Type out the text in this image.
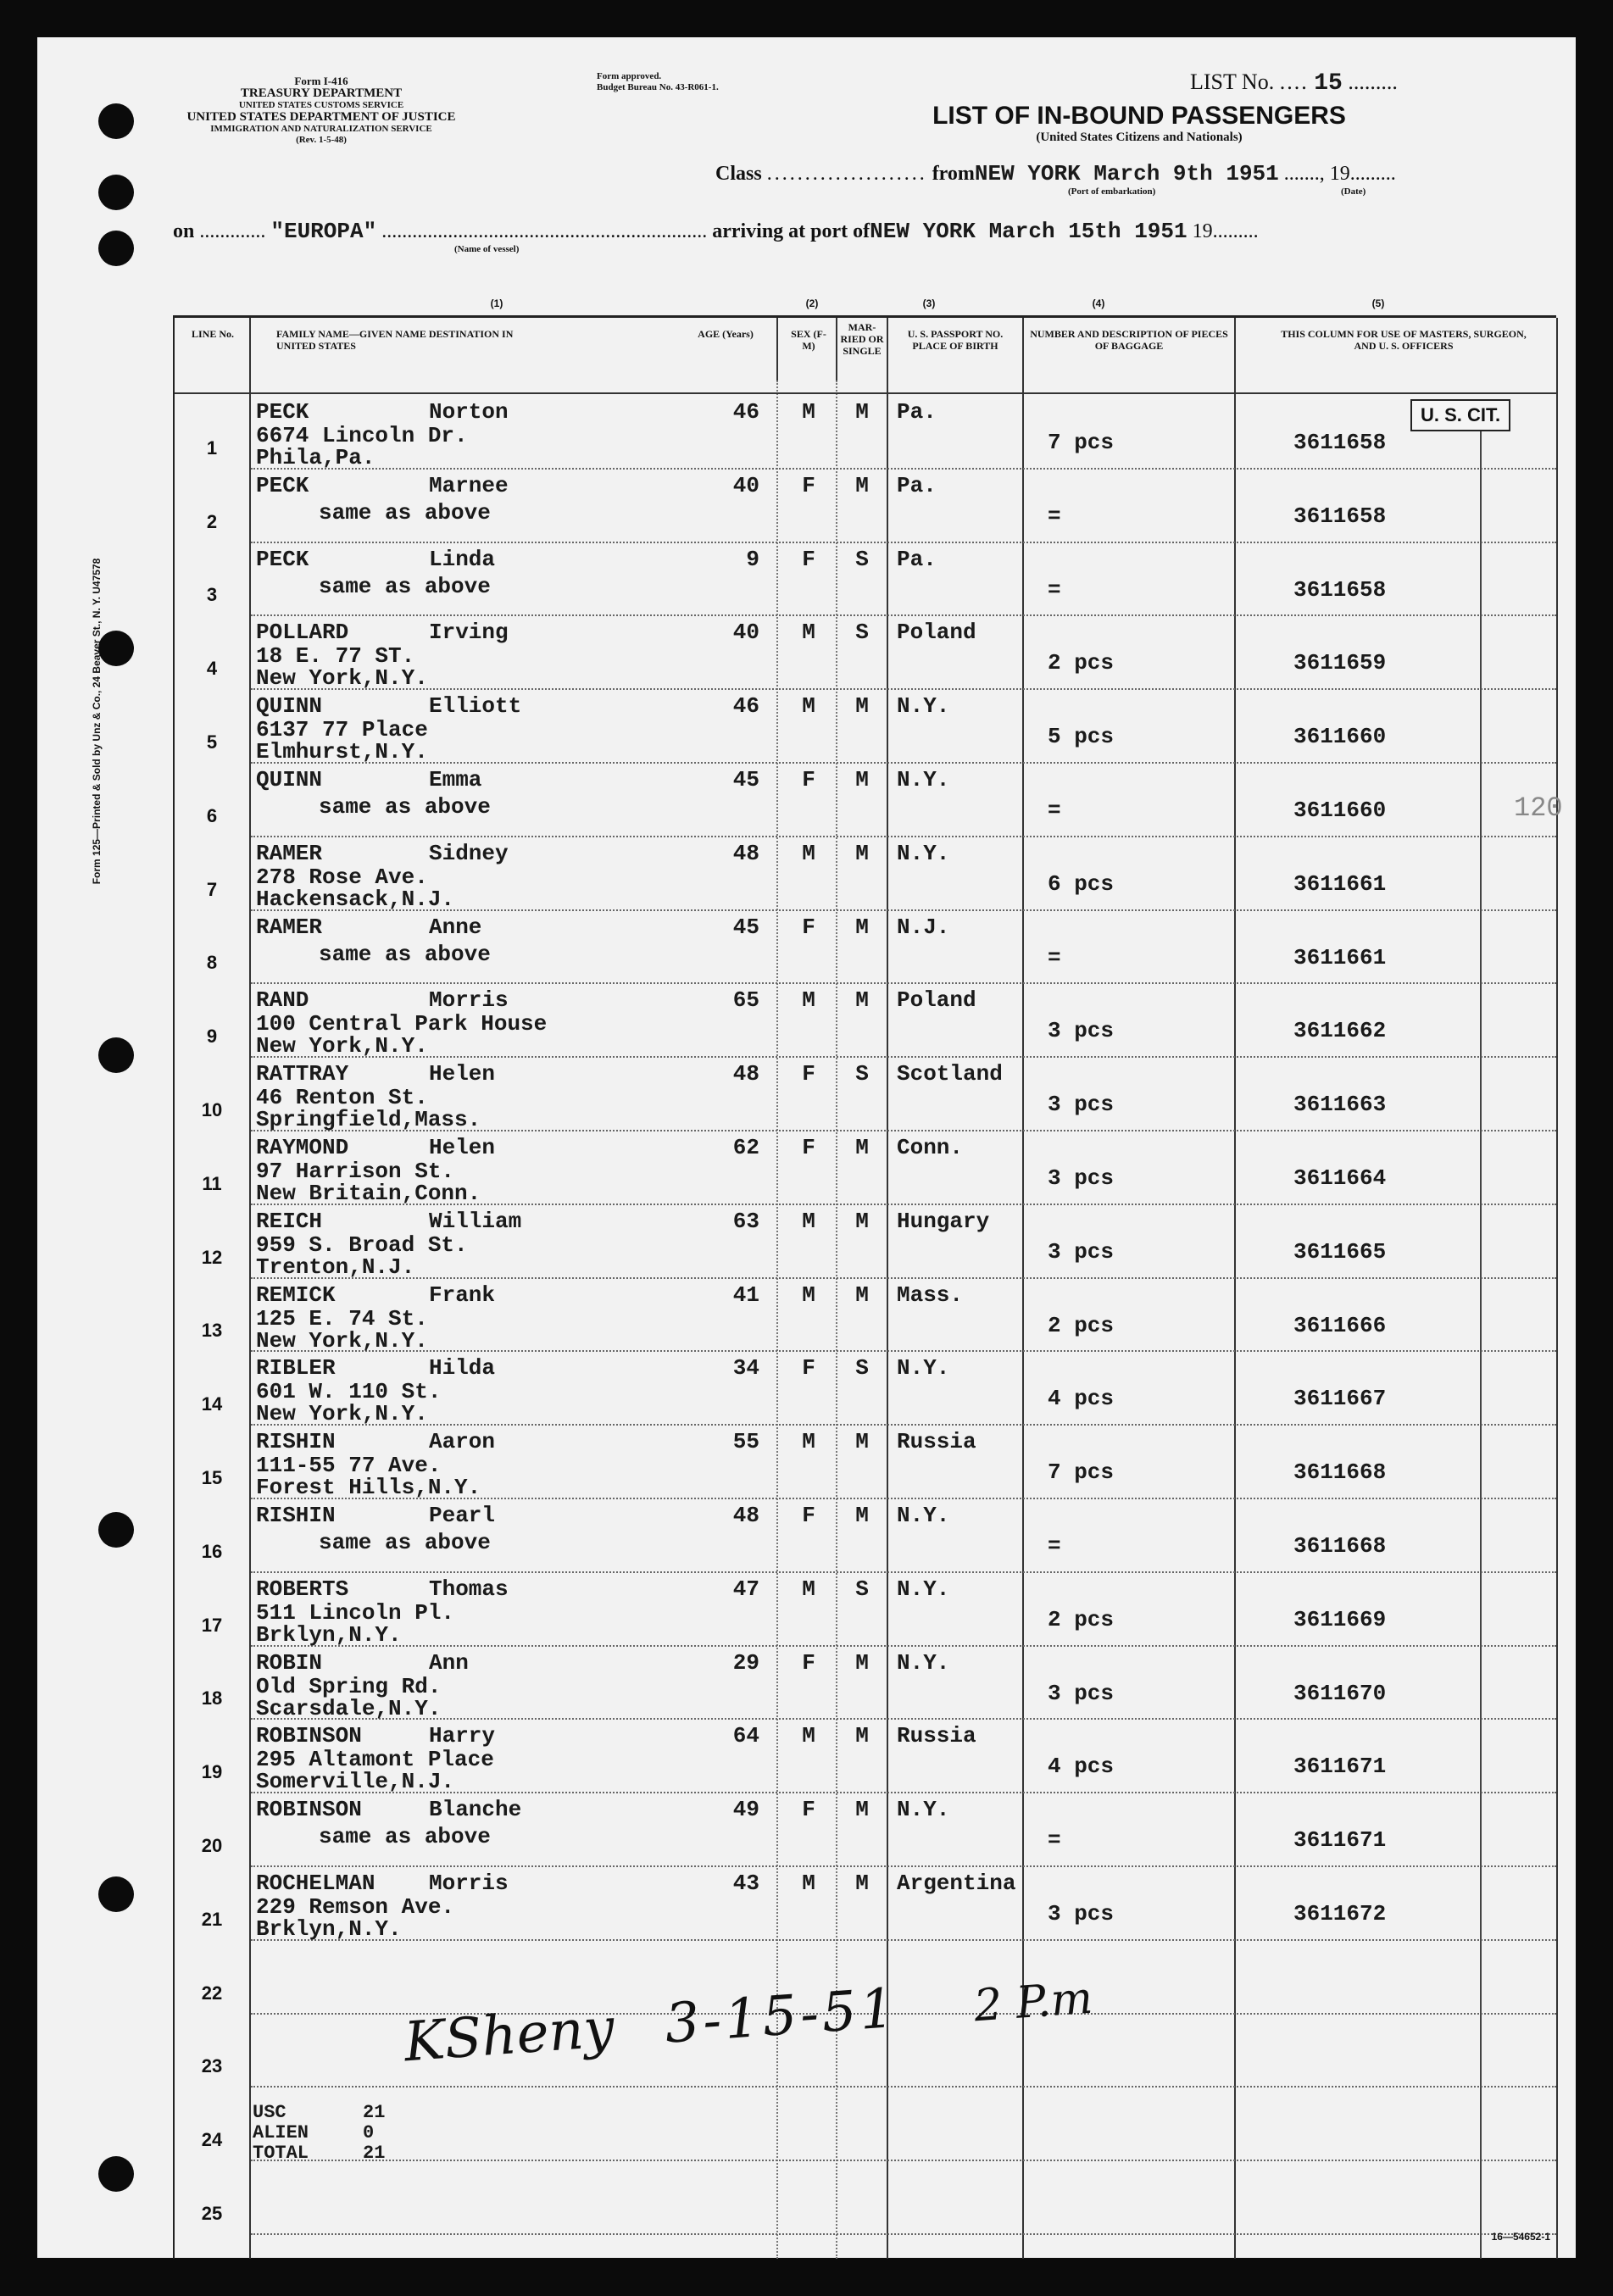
Form 125—Printed & Sold by Unz & Co., 24 Beaver St., N. Y. U47578
Form I-416
TREASURY DEPARTMENT
UNITED STATES CUSTOMS SERVICE
UNITED STATES DEPARTMENT OF JUSTICE
IMMIGRATION AND NATURALIZATION SERVICE
(Rev. 1-5-48)
Form approved.
Budget Bureau No. 43-R061-1.	LIST No. .... 15 .........
LIST OF IN-BOUND PASSENGERS
(United States Citizens and Nationals)
Class ..................... fromNEW YORK March 9th 1951 ......., 19.........
(Port of embarkation)	(Date)
on ............. "EUROPA" ................................................................ arriving at port ofNEW YORK March 15th 1951 19.........
(Name of vessel)
(1)	(2)	(3)	(4)	(5)
LINE No.	FAMILY NAME—GIVEN NAME DESTINATION IN UNITED STATES
AGE (Years)	SEX (F-M)
MAR-RIED OR SINGLE
U. S. PASSPORT NO. PLACE OF BIRTH
NUMBER AND DESCRIPTION OF PIECES OF BAGGAGE
THIS COLUMN FOR USE OF MASTERS, SURGEON, AND U. S. OFFICERS
1
PECK	Norton
6674 Lincoln Dr.
Phila,Pa.
46	M	M	Pa.
7 pcs	3611658
2
PECK	Marnee
same as above
40	F	M	Pa.
=	3611658
3
PECK	Linda
same as above
9	F	S	Pa.
=	3611658
4
POLLARD	Irving
18 E. 77 ST.
New York,N.Y.
40	M	S	Poland
2 pcs	3611659
5
QUINN	Elliott
6137 77 Place
Elmhurst,N.Y.
46	M	M	N.Y.
5 pcs	3611660
6
QUINN	Emma
same as above
45	F	M	N.Y.
=	3611660
7
RAMER	Sidney
278 Rose Ave.
Hackensack,N.J.
48	M	M	N.Y.
6 pcs	3611661
8
RAMER	Anne
same as above
45	F	M	N.J.
=	3611661
9
RAND	Morris
100 Central Park House
New York,N.Y.
65	M	M	Poland
3 pcs	3611662
10
RATTRAY	Helen
46 Renton St.
Springfield,Mass.
48	F	S	Scotland
3 pcs	3611663
11
RAYMOND	Helen
97 Harrison St.
New Britain,Conn.
62	F	M	Conn.
3 pcs	3611664
12
REICH	William
959 S. Broad St.
Trenton,N.J.
63	M	M	Hungary
3 pcs	3611665
13
REMICK	Frank
125 E. 74 St.
New York,N.Y.
41	M	M	Mass.
2 pcs	3611666
14
RIBLER	Hilda
601 W. 110 St.
New York,N.Y.
34	F	S	N.Y.
4 pcs	3611667
15
RISHIN	Aaron
111-55 77 Ave.
Forest Hills,N.Y.
55	M	M	Russia
7 pcs	3611668
16
RISHIN	Pearl
same as above
48	F	M	N.Y.
=	3611668
17
ROBERTS	Thomas
511 Lincoln Pl.
Brklyn,N.Y.
47	M	S	N.Y.
2 pcs	3611669
18
ROBIN	Ann
Old Spring Rd.
Scarsdale,N.Y.
29	F	M	N.Y.
3 pcs	3611670
19
ROBINSON	Harry
295 Altamont Place
Somerville,N.J.
64	M	M	Russia
4 pcs	3611671
20
ROBINSON	Blanche
same as above
49	F	M	N.Y.
=	3611671
21
ROCHELMAN Morris
229 Remson Ave.
Brklyn,N.Y.
43	M	M	Argentina
3 pcs	3611672
22
23
24
25
U. S. CIT.
120
USC	21
ALIEN	0
TOTAL	21
KSheny 3-15-51 2 P.m
16—54652-1
